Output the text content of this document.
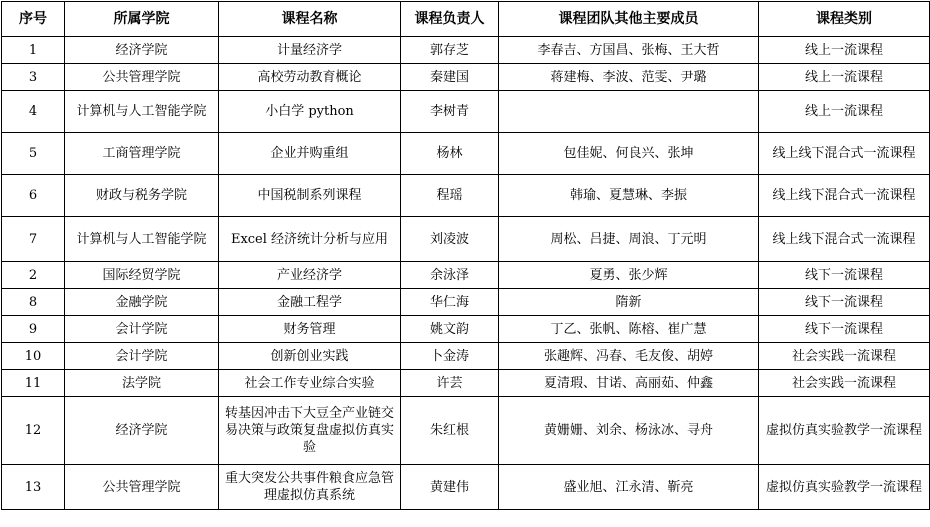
序号	所属学院	课程名称	课程负责人	课程团队其他主要成员	课程类别
1	经济学院	计量经济学	郭存芝	李春吉、方国昌、张梅、王大哲	线上一流课程
3	公共管理学院	高校劳动教育概论	秦建国	蒋建梅、李波、范雯、尹璐	线上一流课程
4	计算机与人工智能学院	小白学 python	李树青		线上一流课程
5	工商管理学院	企业并购重组	杨林	包佳妮、何良兴、张坤	线上线下混合式一流课程
6	财政与税务学院	中国税制系列课程	程瑶	韩瑜、夏慧琳、李振	线上线下混合式一流课程
7	计算机与人工智能学院	Excel 经济统计分析与应用	刘凌波	周松、吕捷、周浪、丁元明	线上线下混合式一流课程
2	国际经贸学院	产业经济学	余泳泽	夏勇、张少辉	线下一流课程
8	金融学院	金融工程学	华仁海	隋新	线下一流课程
9	会计学院	财务管理	姚文韵	丁乙、张帆、陈榕、崔广慧	线下一流课程
10	会计学院	创新创业实践	卜金涛	张趣辉、冯春、毛友俊、胡婷	社会实践一流课程
11	法学院	社会工作专业综合实验	许芸	夏清瑕、甘诺、高丽茹、仲鑫	社会实践一流课程
12	经济学院	转基因冲击下大豆全产业链交易决策与政策复盘虚拟仿真实验	朱红根	黄姗姗、刘余、杨泳冰、寻舟	虚拟仿真实验教学一流课程
13	公共管理学院	重大突发公共事件粮食应急管理虚拟仿真系统	黄建伟	盛业旭、江永清、靳亮	虚拟仿真实验教学一流课程
